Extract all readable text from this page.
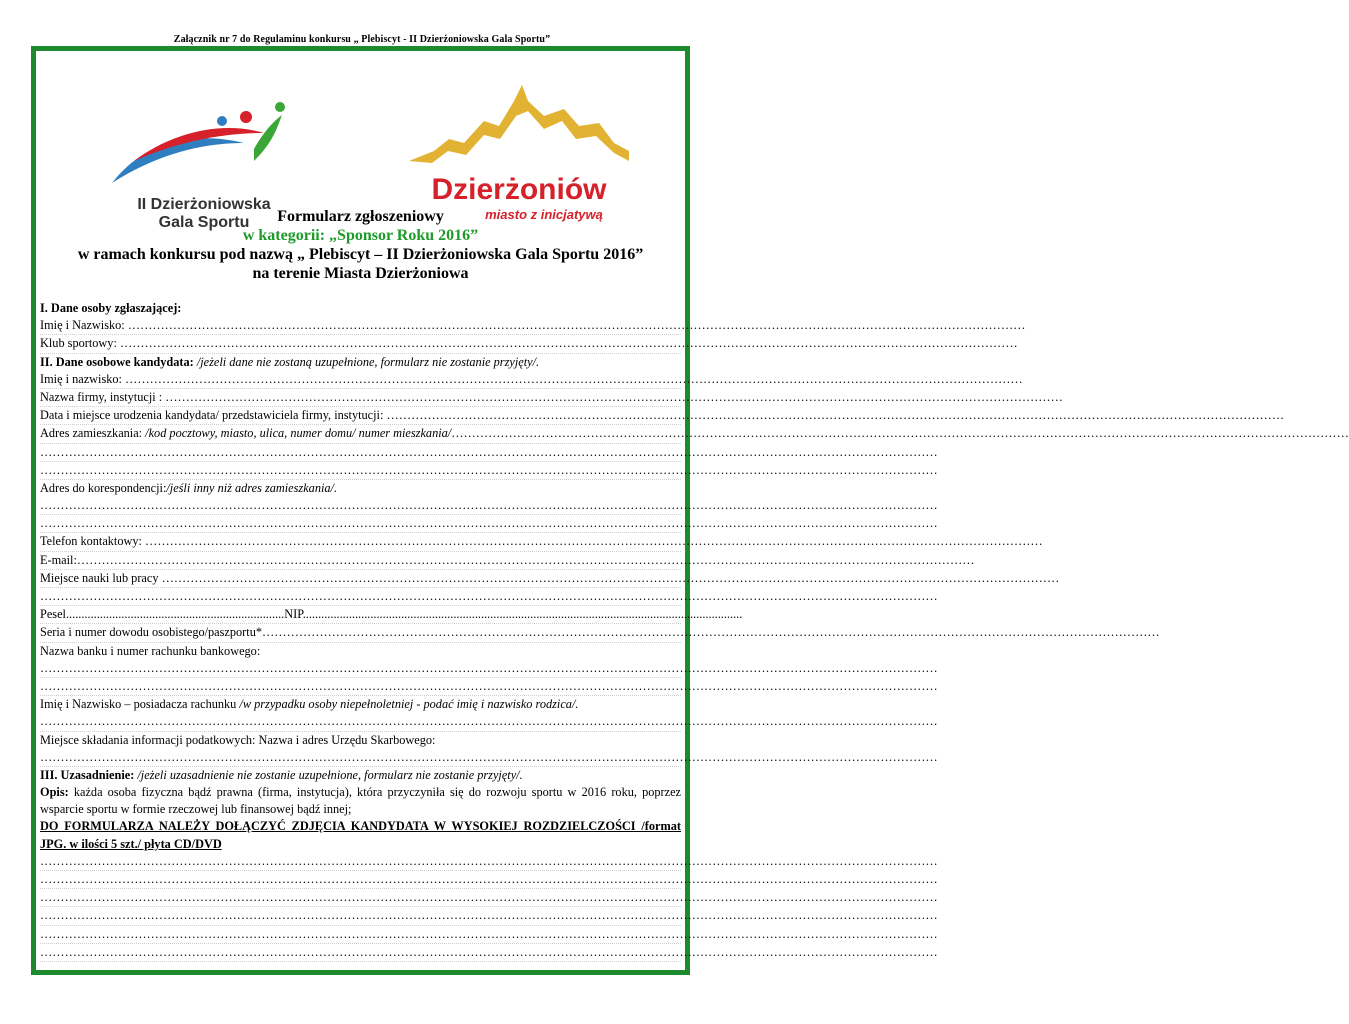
Załącznik nr 7 do Regulaminu konkursu „ Plebiscyt - II Dzierżoniowska Gala Sportu”
II Dzierżoniowska
Gala Sportu
Dzierżoniów
miasto z inicjatywą
Formularz zgłoszeniowy
w kategorii: „Sponsor Roku 2016”
w ramach konkursu pod nazwą „ Plebiscyt – II Dzierżoniowska Gala Sportu 2016”
na terenie Miasta Dzierżoniowa
I. Dane osoby zgłaszającej:
Imię i Nazwisko: …………………………………………………………………………………………………………………………………………………………………………………………………
Klub sportowy: …………………………………………………………………………………………………………………………………………………………………………………………………
II. Dane osobowe kandydata: /jeżeli dane nie zostaną uzupełnione, formularz nie zostanie przyjęty/.
Imię i nazwisko: …………………………………………………………………………………………………………………………………………………………………………………………………
Nazwa firmy, instytucji : …………………………………………………………………………………………………………………………………………………………………………………………………
Data i miejsce urodzenia kandydata/ przedstawiciela firmy, instytucji: …………………………………………………………………………………………………………………………………………………………………………………………………
Adres zamieszkania: /kod pocztowy, miasto, ulica, numer domu/ numer mieszkania/ …………………………………………………………………………………………………………………………………………………………………………………………………
…………………………………………………………………………………………………………………………………………………………………………………………………
…………………………………………………………………………………………………………………………………………………………………………………………………
Adres do korespondencji:/jeśli inny niż adres zamieszkania/.
…………………………………………………………………………………………………………………………………………………………………………………………………
…………………………………………………………………………………………………………………………………………………………………………………………………
Telefon kontaktowy: …………………………………………………………………………………………………………………………………………………………………………………………………
E-mail: …………………………………………………………………………………………………………………………………………………………………………………………………
Miejsce nauki lub pracy …………………………………………………………………………………………………………………………………………………………………………………………………
…………………………………………………………………………………………………………………………………………………………………………………………………
Pesel.......................................................................NIP...............................................................................................................................................
Seria i numer dowodu osobistego/paszportu* …………………………………………………………………………………………………………………………………………………………………………………………………
Nazwa banku i numer rachunku bankowego:
…………………………………………………………………………………………………………………………………………………………………………………………………
…………………………………………………………………………………………………………………………………………………………………………………………………
Imię i Nazwisko – posiadacza rachunku /w przypadku osoby niepełnoletniej - podać imię i nazwisko rodzica/.
…………………………………………………………………………………………………………………………………………………………………………………………………
Miejsce składania informacji podatkowych: Nazwa i adres Urzędu Skarbowego:
…………………………………………………………………………………………………………………………………………………………………………………………………
III. Uzasadnienie: /jeżeli uzasadnienie nie zostanie uzupełnione, formularz nie zostanie przyjęty/.
Opis: każda osoba fizyczna bądź prawna (firma, instytucja), która przyczyniła się do rozwoju sportu w 2016 roku, poprzez wsparcie sportu w formie rzeczowej lub finansowej bądź innej;
DO FORMULARZA NALEŻY DOŁĄCZYĆ ZDJĘCIA KANDYDATA W WYSOKIEJ ROZDZIELCZOŚCI /format JPG. w ilości 5 szt./ płyta CD/DVD
…………………………………………………………………………………………………………………………………………………………………………………………………
…………………………………………………………………………………………………………………………………………………………………………………………………
…………………………………………………………………………………………………………………………………………………………………………………………………
…………………………………………………………………………………………………………………………………………………………………………………………………
…………………………………………………………………………………………………………………………………………………………………………………………………
…………………………………………………………………………………………………………………………………………………………………………………………………
